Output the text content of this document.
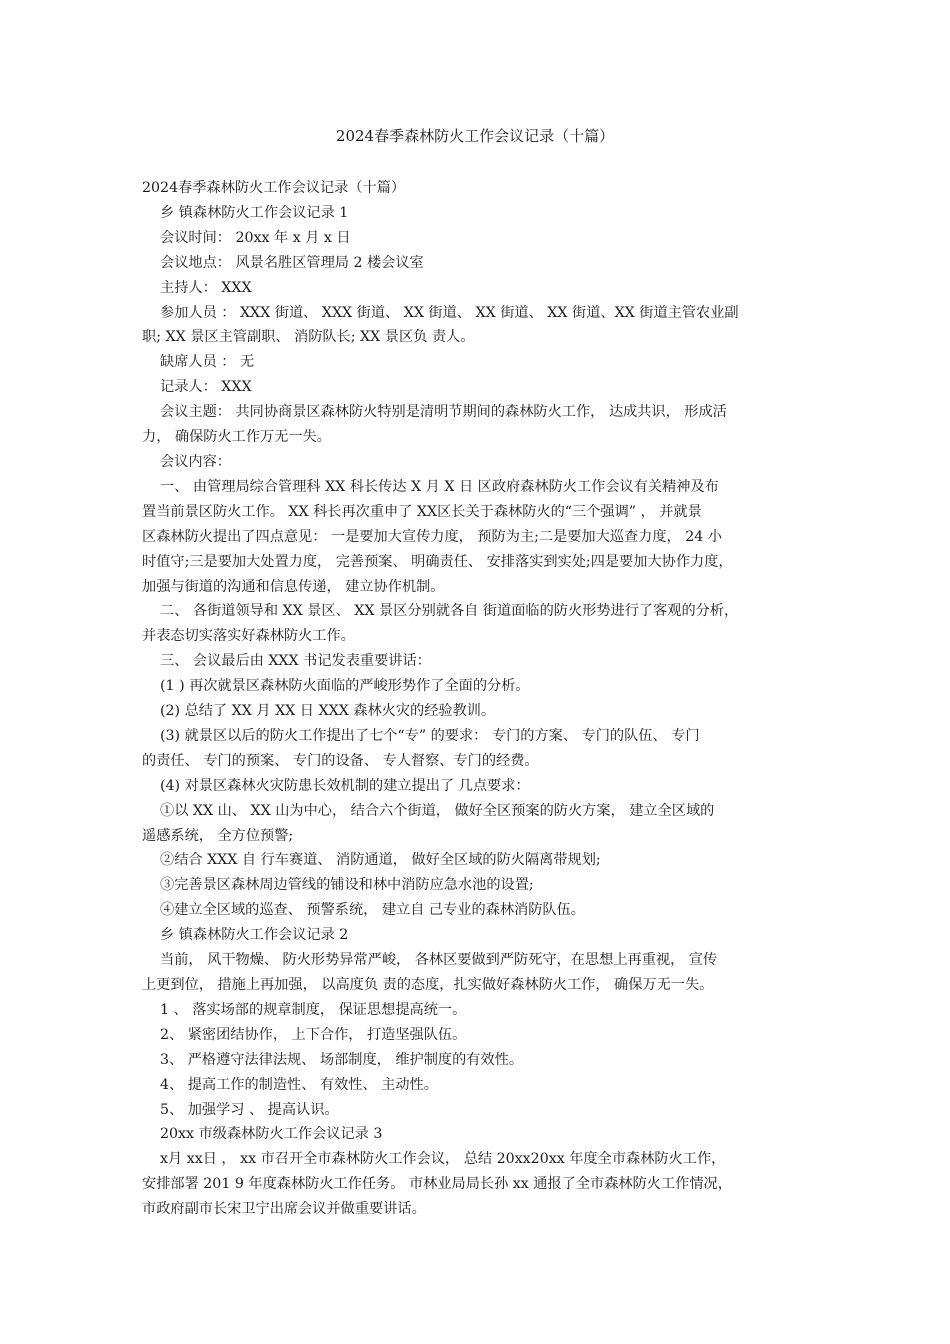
2024春季森林防火工作会议记录（十篇）

2024春季森林防火工作会议记录（十篇）

乡 镇森林防火工作会议记录 1

会议时间： 20xx 年 x 月 x 日

会议地点： 风景名胜区管理局 2 楼会议室

主持人： XXX

参加人员 ： XXX 街道、 XXX 街道、 XX 街道、 XX 街道、 XX 街道、XX 街道主管农业副

职; XX 景区主管副职、 消防队长; XX 景区负 责人。

缺席人员 ： 无

记录人： XXX

会议主题： 共同协商景区森林防火特别是清明节期间的森林防火工作， 达成共识， 形成活

力， 确保防火工作万无一失。

会议内容：

一、 由管理局综合管理科 XX 科长传达 X 月 X 日 区政府森林防火工作会议有关精神及布

置当前景区防火工作。 XX 科长再次重申了 XX区长关于森林防火的“三个强调” ， 并就景

区森林防火提出了四点意见： 一是要加大宣传力度， 预防为主;二是要加大巡查力度， 24 小

时值守;三是要加大处置力度， 完善预案、 明确责任、 安排落实到实处;四是要加大协作力度，

加强与街道的沟通和信息传递， 建立协作机制。

二、 各街道领导和 XX 景区、 XX 景区分别就各自 街道面临的防火形势进行了客观的分析，

并表态切实落实好森林防火工作。

三、 会议最后由 XXX 书记发表重要讲话：

(1 ) 再次就景区森林防火面临的严峻形势作了全面的分析。

(2) 总结了 XX 月 XX 日 XXX 森林火灾的经验教训。

(3) 就景区以后的防火工作提出了七个“专” 的要求： 专门的方案、 专门的队伍、 专门

的责任、 专门的预案、 专门的设备、 专人督察、专门的经费。

(4) 对景区森林火灾防患长效机制的建立提出了 几点要求：

①以 XX 山、 XX 山为中心， 结合六个街道， 做好全区预案的防火方案， 建立全区域的

遥感系统， 全方位预警;

②结合 XXX 自 行车赛道、 消防通道， 做好全区域的防火隔离带规划;

③完善景区森林周边管线的铺设和林中消防应急水池的设置;

④建立全区域的巡查、 预警系统， 建立自 己专业的森林消防队伍。

乡 镇森林防火工作会议记录 2

当前， 风干物燥、 防火形势异常严峻， 各林区要做到严防死守，在思想上再重视， 宣传

上更到位， 措施上再加强， 以高度负 责的态度，扎实做好森林防火工作， 确保万无一失。

1 、 落实场部的规章制度， 保证思想提高统一。

2、 紧密团结协作， 上下合作， 打造坚强队伍。

3、 严格遵守法律法规、 场部制度， 维护制度的有效性。

4、 提高工作的制造性、 有效性、 主动性。

5、 加强学习 、 提高认识。

20xx 市级森林防火工作会议记录 3

x月 xx日 ， xx 市召开全市森林防火工作会议， 总结 20xx20xx 年度全市森林防火工作，

安排部署 201 9 年度森林防火工作任务。 市林业局局长孙 xx 通报了全市森林防火工作情况，

市政府副市长宋卫宁出席会议并做重要讲话。
